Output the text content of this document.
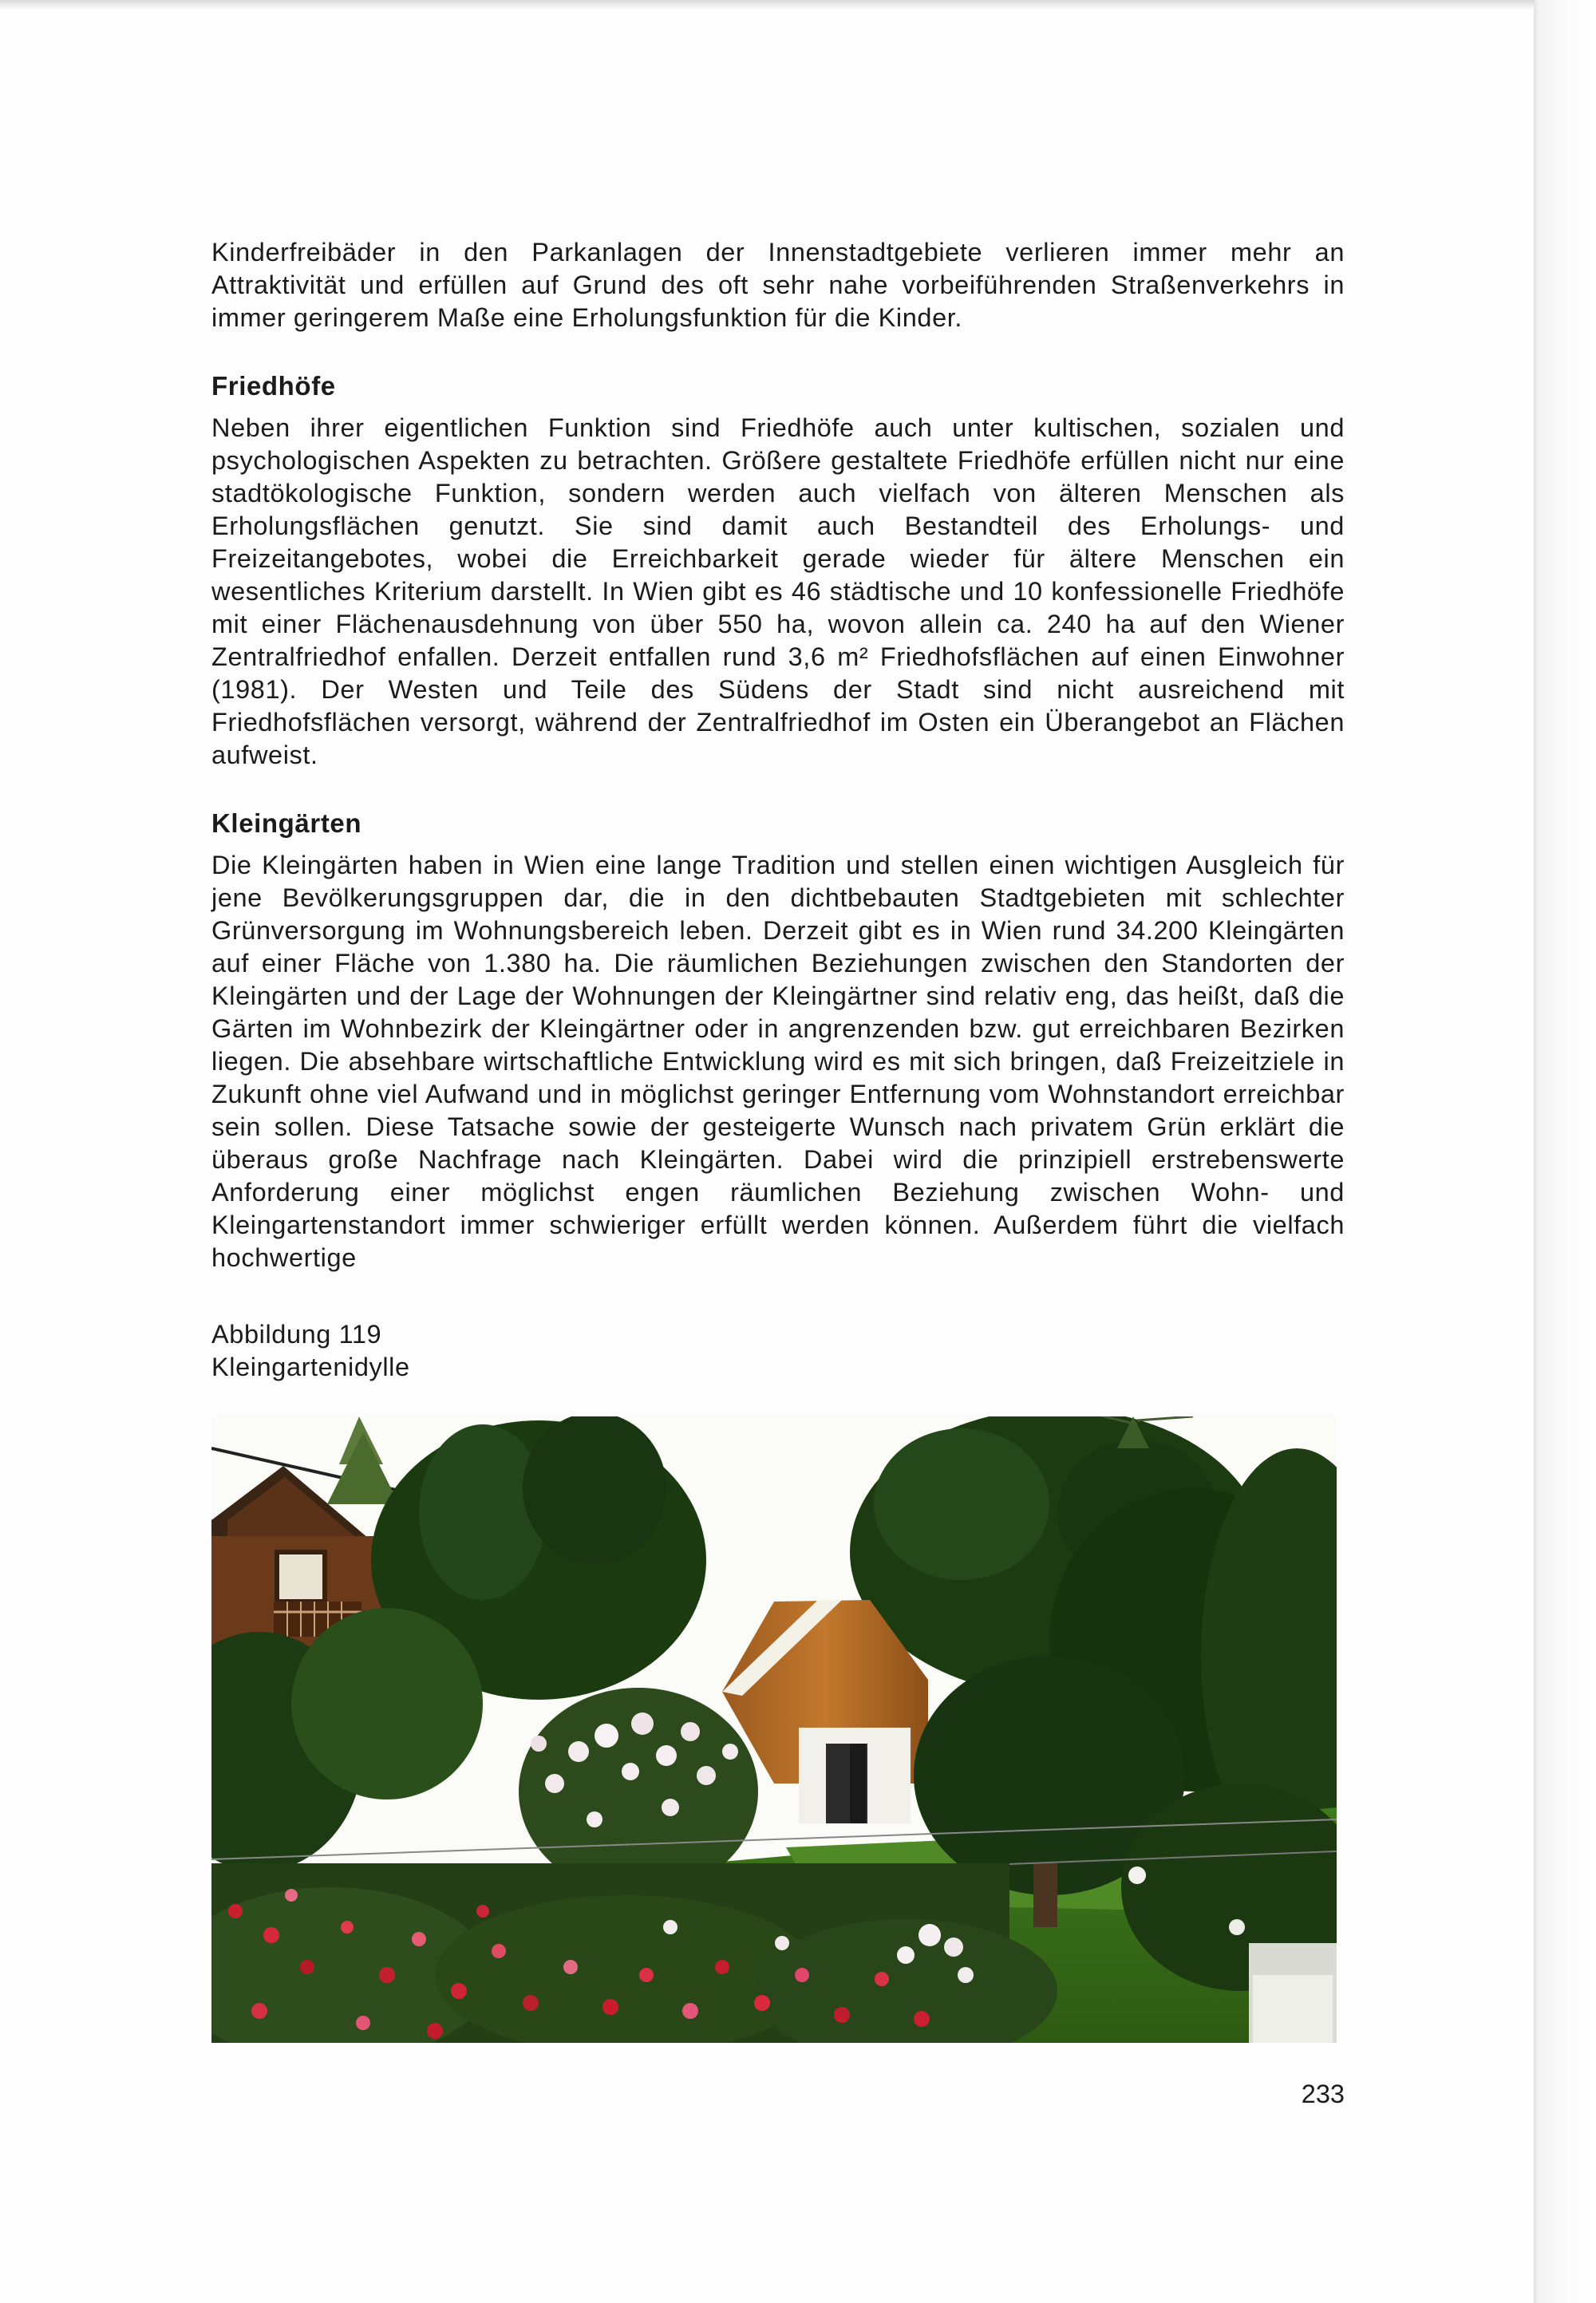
Kinderfreibäder in den Parkanlagen der Innenstadtgebiete verlieren immer mehr an Attraktivität und erfüllen auf Grund des oft sehr nahe vorbeiführenden Straßenverkehrs in immer geringerem Maße eine Erholungsfunktion für die Kinder.

Friedhöfe

Neben ihrer eigentlichen Funktion sind Friedhöfe auch unter kultischen, sozialen und psychologischen Aspekten zu betrachten. Größere gestaltete Friedhöfe erfüllen nicht nur eine stadtökologische Funktion, sondern werden auch vielfach von älteren Menschen als Erholungsflächen genutzt. Sie sind damit auch Bestandteil des Erholungs- und Freizeitangebotes, wobei die Erreichbarkeit gerade wieder für ältere Menschen ein wesentliches Kriterium darstellt. In Wien gibt es 46 städtische und 10 konfessionelle Friedhöfe mit einer Flächenausdehnung von über 550 ha, wovon allein ca. 240 ha auf den Wiener Zentralfriedhof enfallen. Derzeit entfallen rund 3,6 m² Friedhofsflächen auf einen Einwohner (1981). Der Westen und Teile des Südens der Stadt sind nicht ausreichend mit Friedhofsflächen versorgt, während der Zentralfriedhof im Osten ein Überangebot an Flächen aufweist.

Kleingärten

Die Kleingärten haben in Wien eine lange Tradition und stellen einen wichtigen Ausgleich für jene Bevölkerungsgruppen dar, die in den dichtbebauten Stadtgebieten mit schlechter Grünversorgung im Wohnungsbereich leben. Derzeit gibt es in Wien rund 34.200 Kleingärten auf einer Fläche von 1.380 ha. Die räumlichen Beziehungen zwischen den Standorten der Kleingärten und der Lage der Wohnungen der Kleingärtner sind relativ eng, das heißt, daß die Gärten im Wohnbezirk der Kleingärtner oder in angrenzenden bzw. gut erreichbaren Bezirken liegen. Die absehbare wirtschaftliche Entwicklung wird es mit sich bringen, daß Freizeitziele in Zukunft ohne viel Aufwand und in möglichst geringer Entfernung vom Wohnstandort erreichbar sein sollen. Diese Tatsache sowie der gesteigerte Wunsch nach privatem Grün erklärt die überaus große Nachfrage nach Kleingärten. Dabei wird die prinzipiell erstrebenswerte Anforderung einer möglichst engen räumlichen Beziehung zwischen Wohn- und Kleingartenstandort immer schwieriger erfüllt werden können. Außerdem führt die vielfach hochwertige

Abbildung 119
Kleingartenidylle
233
